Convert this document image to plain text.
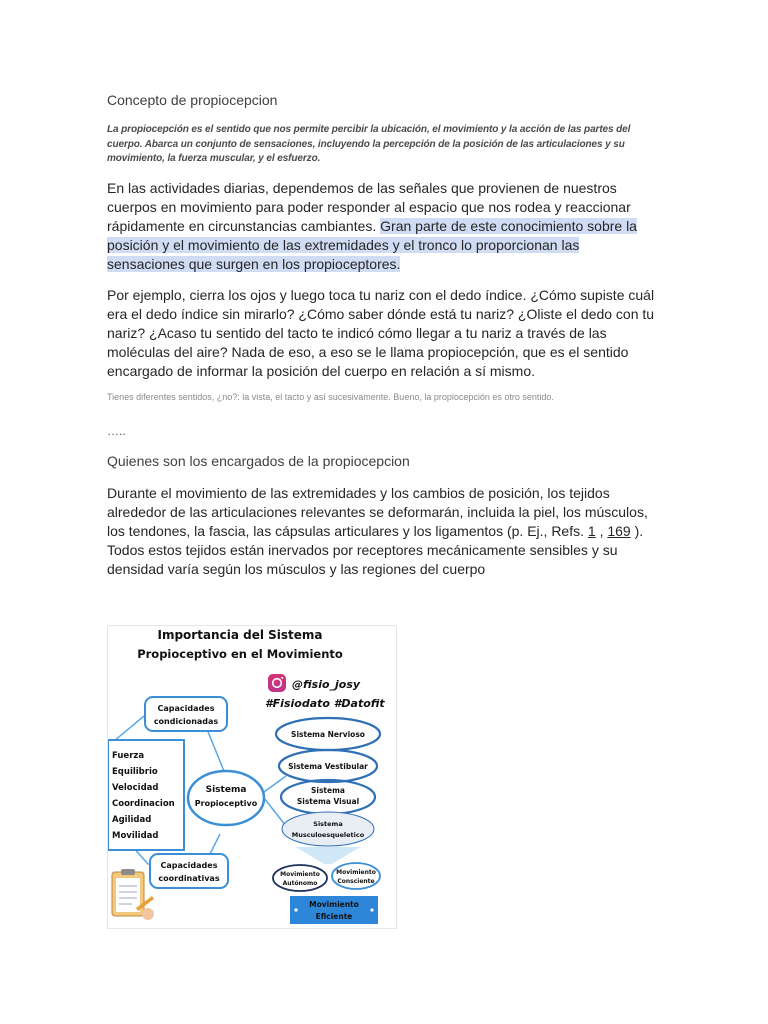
Concepto de propiocepcion
La propiocepción es el sentido que nos permite percibir la ubicación, el movimiento y la acción de las partes del cuerpo. Abarca un conjunto de sensaciones, incluyendo la percepción de la posición de las articulaciones y su movimiento, la fuerza muscular, y el esfuerzo.
En las actividades diarias, dependemos de las señales que provienen de nuestros cuerpos en movimiento para poder responder al espacio que nos rodea y reaccionar rápidamente en circunstancias cambiantes. Gran parte de este conocimiento sobre la posición y el movimiento de las extremidades y el tronco lo proporcionan las sensaciones que surgen en los propioceptores.
Por ejemplo, cierra los ojos y luego toca tu nariz con el dedo índice. ¿Cómo supiste cuál era el dedo índice sin mirarlo? ¿Cómo saber dónde está tu nariz? ¿Oliste el dedo con tu nariz? ¿Acaso tu sentido del tacto te indicó cómo llegar a tu nariz a través de las moléculas del aire? Nada de eso, a eso se le llama propiocepción, que es el sentido encargado de informar la posición del cuerpo en relación a sí mismo.
Tienes diferentes sentidos, ¿no?: la vista, el tacto y así sucesivamente. Bueno, la propiocepción es otro sentido.
…..
Quienes son los encargados de la propiocepcion
Durante el movimiento de las extremidades y los cambios de posición, los tejidos alrededor de las articulaciones relevantes se deformarán, incluida la piel, los músculos, los tendones, la fascia, las cápsulas articulares y los ligamentos (p. Ej., Refs. 1 , 169 ). Todos estos tejidos están inervados por receptores mecánicamente sensibles y su densidad varía según los músculos y las regiones del cuerpo
Importancia del Sistema
Propioceptivo en el Movimiento
@fisio_josy
#Fisiodato #Datofit
Capacidades
condicionadas
Fuerza
Equilibrio
Velocidad
Coordinacion
Agilidad
Movilidad
Sistema
Propioceptivo
Capacidades
coordinativas
Sistema Nervioso
Sistema Vestibular
Sistema
Sistema Visual
Sistema
Musculoesqueletico
Movimiento
Autónomo
Movimiento
Consciente
Movimiento
Eficiente
